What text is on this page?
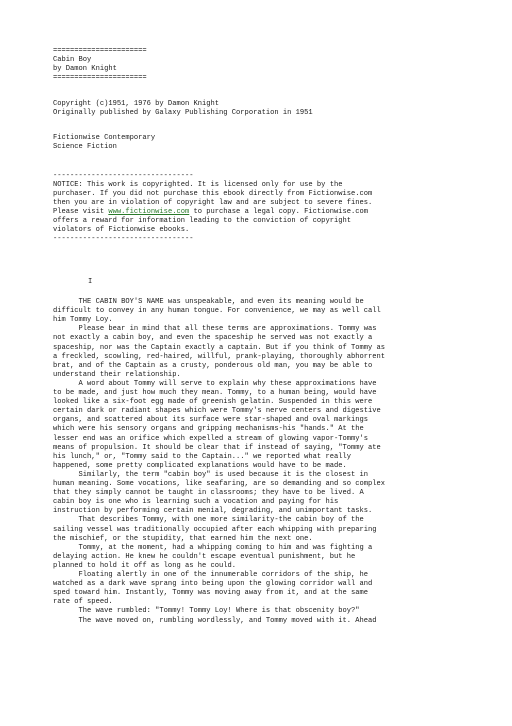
======================
Cabin Boy
by Damon Knight
======================
Copyright (c)1951, 1976 by Damon Knight
Originally published by Galaxy Publishing Corporation in 1951
Fictionwise Contemporary
Science Fiction
---------------------------------
NOTICE: This work is copyrighted. It is licensed only for use by the
purchaser. If you did not purchase this ebook directly from Fictionwise.com
then you are in violation of copyright law and are subject to severe fines.
Please visit www.fictionwise.com to purchase a legal copy. Fictionwise.com
offers a reward for information leading to the conviction of copyright
violators of Fictionwise ebooks.
---------------------------------
I
THE CABIN BOY'S NAME was unspeakable, and even its meaning would be
difficult to convey in any human tongue. For convenience, we may as well call
him Tommy Loy.
Please bear in mind that all these terms are approximations. Tommy was
not exactly a cabin boy, and even the spaceship he served was not exactly a
spaceship, nor was the Captain exactly a captain. But if you think of Tommy as
a freckled, scowling, red-haired, willful, prank-playing, thoroughly abhorrent
brat, and of the Captain as a crusty, ponderous old man, you may be able to
understand their relationship.
A word about Tommy will serve to explain why these approximations have
to be made, and just how much they mean. Tommy, to a human being, would have
looked like a six-foot egg made of greenish gelatin. Suspended in this were
certain dark or radiant shapes which were Tommy's nerve centers and digestive
organs, and scattered about its surface were star-shaped and oval markings
which were his sensory organs and gripping mechanisms-his "hands." At the
lesser end was an orifice which expelled a stream of glowing vapor-Tommy's
means of propulsion. It should be clear that if instead of saying, "Tommy ate
his lunch," or, "Tommy said to the Captain..." we reported what really
happened, some pretty complicated explanations would have to be made.
Similarly, the term "cabin boy" is used because it is the closest in
human meaning. Some vocations, like seafaring, are so demanding and so complex
that they simply cannot be taught in classrooms; they have to be lived. A
cabin boy is one who is learning such a vocation and paying for his
instruction by performing certain menial, degrading, and unimportant tasks.
That describes Tommy, with one more similarity-the cabin boy of the
sailing vessel was traditionally occupied after each whipping with preparing
the mischief, or the stupidity, that earned him the next one.
Tommy, at the moment, had a whipping coming to him and was fighting a
delaying action. He knew he couldn't escape eventual punishment, but he
planned to hold it off as long as he could.
Floating alertly in one of the innumerable corridors of the ship, he
watched as a dark wave sprang into being upon the glowing corridor wall and
sped toward him. Instantly, Tommy was moving away from it, and at the same
rate of speed.
The wave rumbled: "Tommy! Tommy Loy! Where is that obscenity boy?"
The wave moved on, rumbling wordlessly, and Tommy moved with it. Ahead
